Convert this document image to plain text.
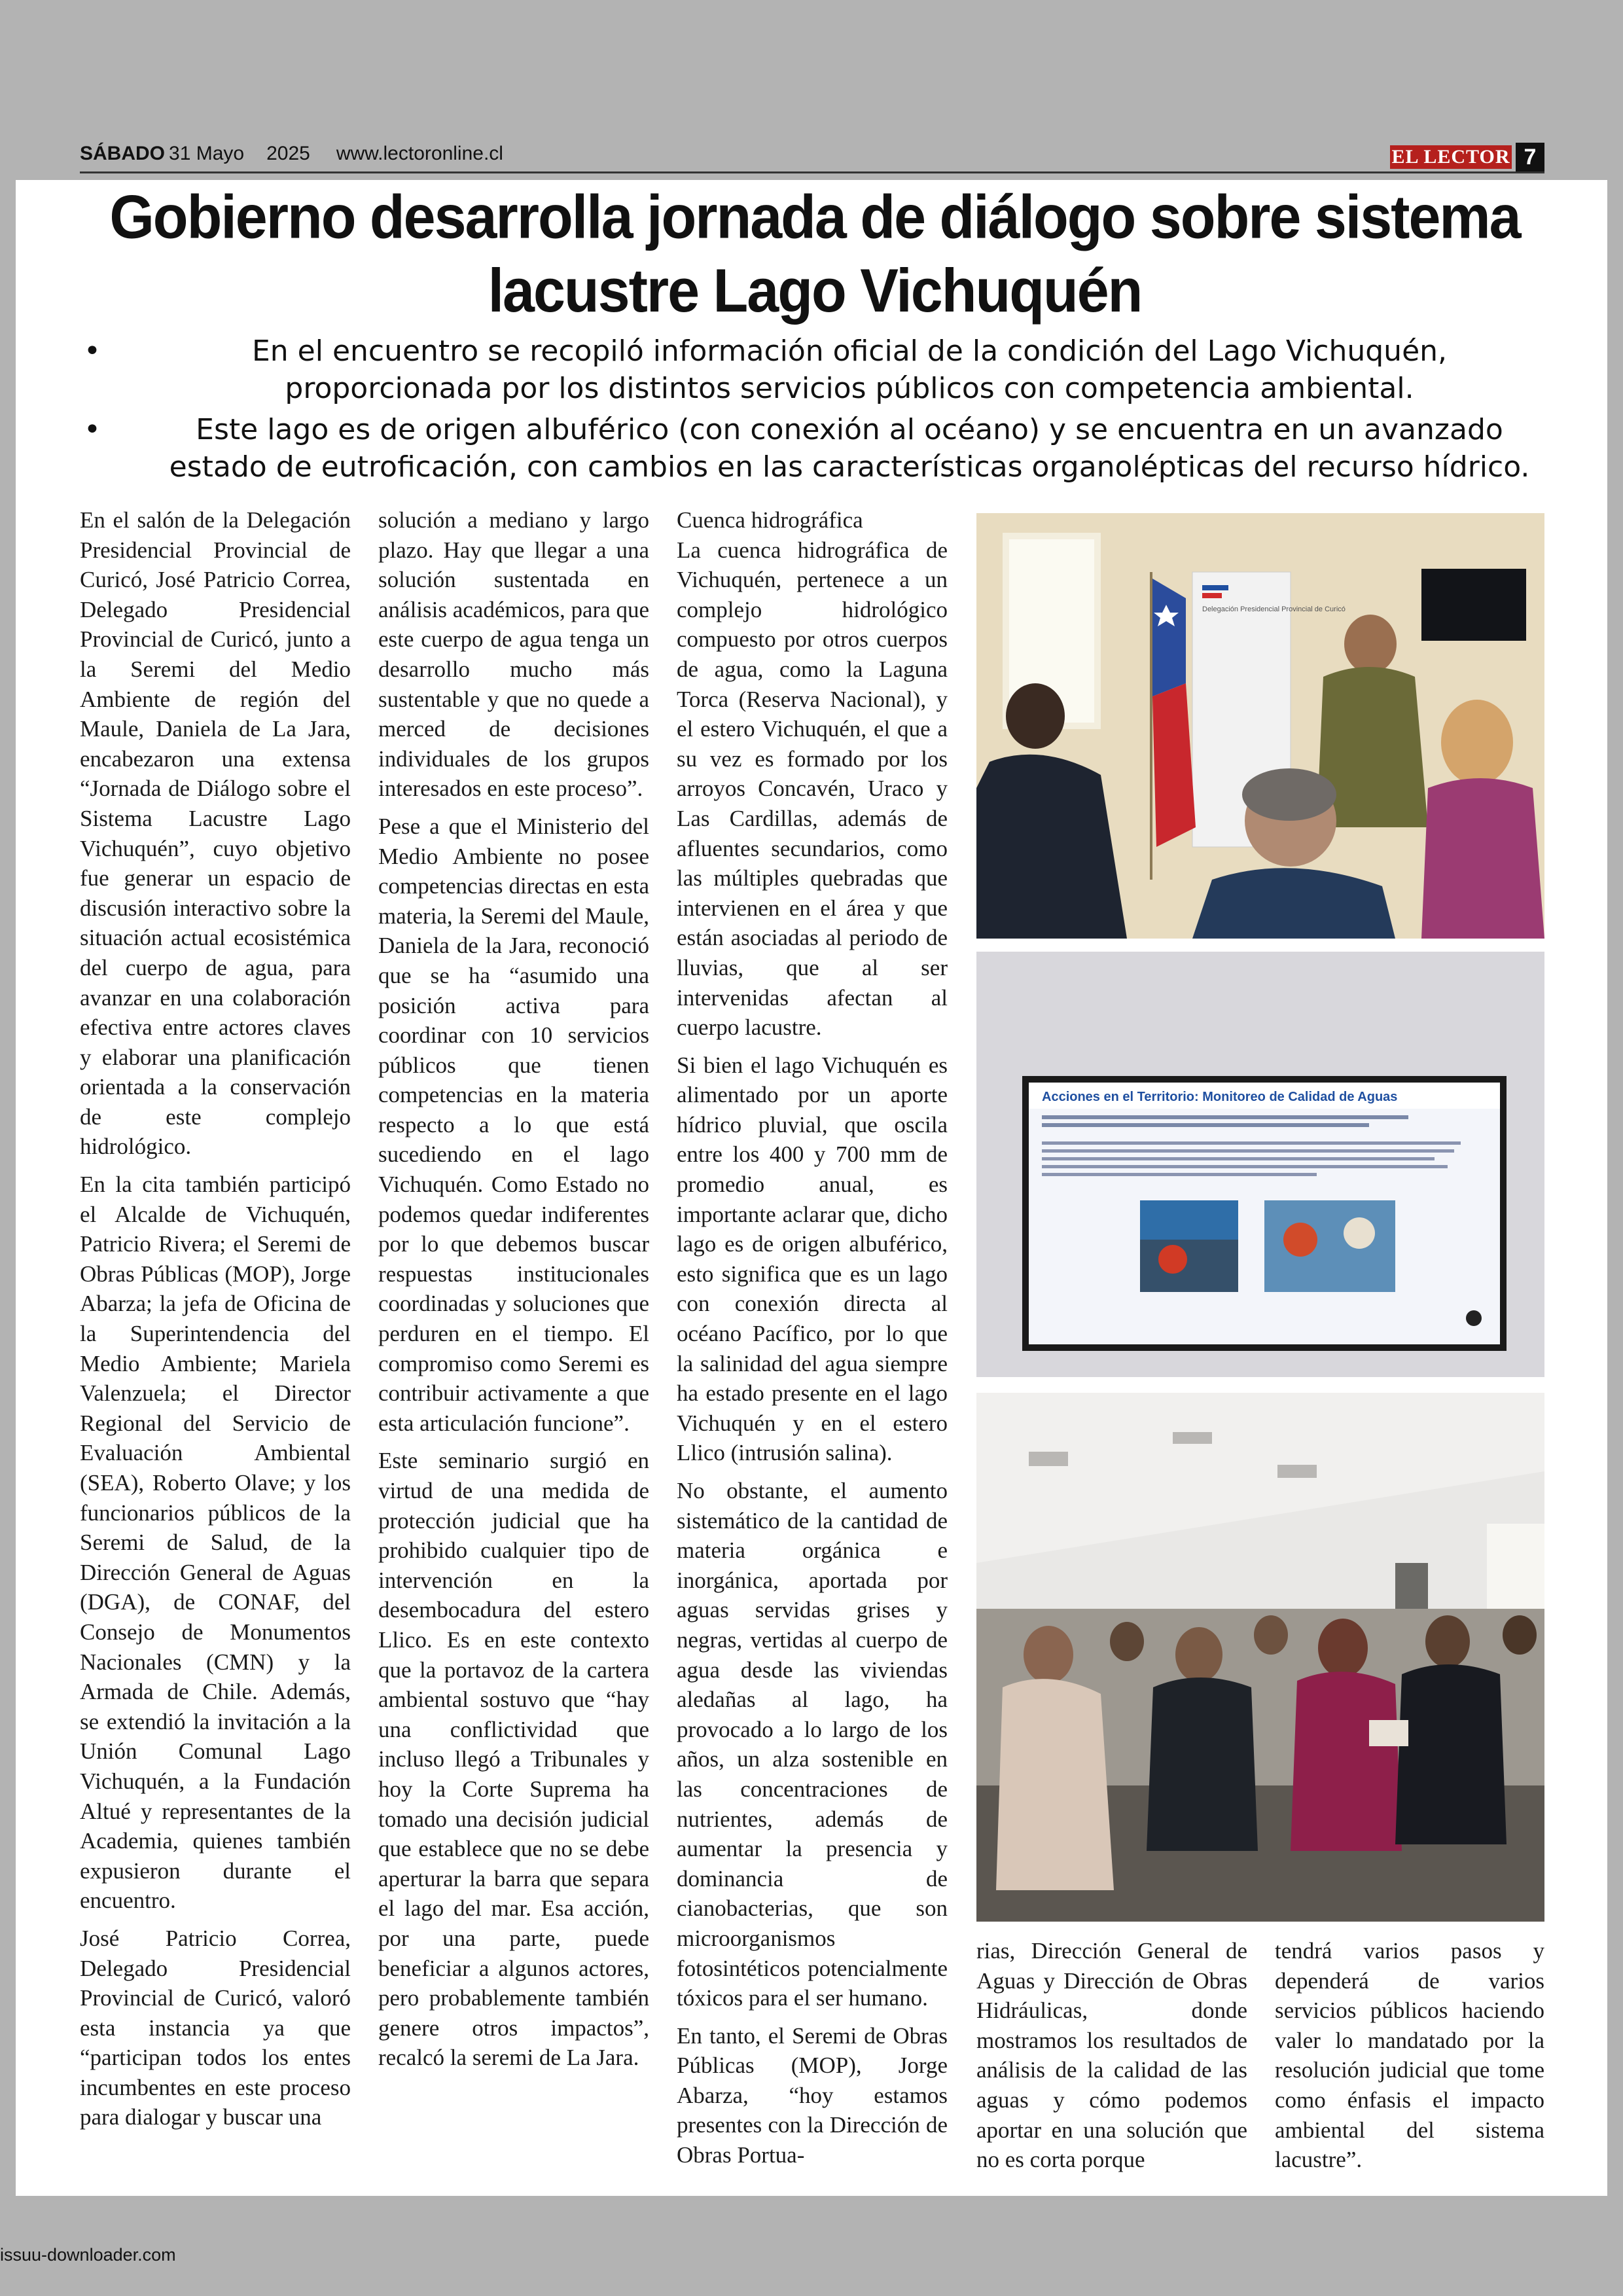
SÁBADO 31 Mayo 2025 www.lectoronline.cl	EL LECTOR 7
Gobierno desarrolla jornada de diálogo sobre sistema lacustre Lago Vichuquén
•	En el encuentro se recopiló información oficial de la condición del Lago Vichuquén, proporcionada por los distintos servicios públicos con competencia ambiental.
•	Este lago es de origen albuférico (con conexión al océano) y se encuentra en un avanzado estado de eutroficación, con cambios en las características organolépticas del recurso hídrico.

En el salón de la Delegación Presidencial Provincial de Curicó, José Patricio Correa, Delegado Presidencial Provincial de Curicó, junto a la Seremi del Medio Ambiente de región del Maule, Daniela de La Jara, encabezaron una extensa “Jornada de Diálogo sobre el Sistema Lacustre Lago Vichuquén”, cuyo objetivo fue generar un espacio de discusión interactivo sobre la situación actual ecosistémica del cuerpo de agua, para avanzar en una colaboración efectiva entre actores claves y elaborar una planificación orientada a la conservación de este complejo hidrológico.

En la cita también participó el Alcalde de Vichuquén, Patricio Rivera; el Seremi de Obras Públicas (MOP), Jorge Abarza; la jefa de Oficina de la Superintendencia del Medio Ambiente; Mariela Valenzuela; el Director Regional del Servicio de Evaluación Ambiental (SEA), Roberto Olave; y los funcionarios públicos de la Seremi de Salud, de la Dirección General de Aguas (DGA), de CONAF, del Consejo de Monumentos Nacionales (CMN) y la Armada de Chile. Además, se extendió la invitación a la Unión Comunal Lago Vichuquén, a la Fundación Altué y representantes de la Academia, quienes también expusieron durante el encuentro.

José Patricio Correa, Delegado Presidencial Provincial de Curicó, valoró esta instancia ya que “participan todos los entes incumbentes en este proceso para dialogar y buscar una

solución a mediano y largo plazo. Hay que llegar a una solución sustentada en análisis académicos, para que este cuerpo de agua tenga un desarrollo mucho más sustentable y que no quede a merced de decisiones individuales de los grupos interesados en este proceso”.

Pese a que el Ministerio del Medio Ambiente no posee competencias directas en esta materia, la Seremi del Maule, Daniela de la Jara, reconoció que se ha “asumido una posición activa para coordinar con 10 servicios públicos que tienen competencias en la materia respecto a lo que está sucediendo en el lago Vichuquén. Como Estado no podemos quedar indiferentes por lo que debemos buscar respuestas institucionales coordinadas y soluciones que perduren en el tiempo. El compromiso como Seremi es contribuir activamente a que esta articulación funcione”.

Este seminario surgió en virtud de una medida de protección judicial que ha prohibido cualquier tipo de intervención en la desembocadura del estero Llico. Es en este contexto que la portavoz de la cartera ambiental sostuvo que “hay una conflictividad que incluso llegó a Tribunales y hoy la Corte Suprema ha tomado una decisión judicial que establece que no se debe aperturar la barra que separa el lago del mar. Esa acción, por una parte, puede beneficiar a algunos actores, pero probablemente también genere otros impactos”, recalcó la seremi de La Jara.

Cuenca hidrográfica

La cuenca hidrográfica de Vichuquén, pertenece a un complejo hidrológico compuesto por otros cuerpos de agua, como la Laguna Torca (Reserva Nacional), y el estero Vichuquén, el que a su vez es formado por los arroyos Concavén, Uraco y Las Cardillas, además de afluentes secundarios, como las múltiples quebradas que intervienen en el área y que están asociadas al periodo de lluvias, que al ser intervenidas afectan al cuerpo lacustre.

Si bien el lago Vichuquén es alimentado por un aporte hídrico pluvial, que oscila entre los 400 y 700 mm de promedio anual, es importante aclarar que, dicho lago es de origen albuférico, esto significa que es un lago con conexión directa al océano Pacífico, por lo que la salinidad del agua siempre ha estado presente en el lago Vichuquén y en el estero Llico (intrusión salina).

No obstante, el aumento sistemático de la cantidad de materia orgánica e inorgánica, aportada por aguas servidas grises y negras, vertidas al cuerpo de agua desde las viviendas aledañas al lago, ha provocado a lo largo de los años, un alza sostenible en las concentraciones de nutrientes, además de aumentar la presencia y dominancia de cianobacterias, que son microorganismos fotosintéticos potencialmente tóxicos para el ser humano.

En tanto, el Seremi de Obras Públicas (MOP), Jorge Abarza, “hoy estamos presentes con la Dirección de Obras Portua-

rias, Dirección General de Aguas y Dirección de Obras Hidráulicas, donde mostramos los resultados de análisis de la calidad de las aguas y cómo podemos aportar en una solución que no es corta porque

tendrá varios pasos y dependerá de varios servicios públicos haciendo valer lo mandatado por la resolución judicial que tome como énfasis el impacto ambiental del sistema lacustre”.

Delegación Presidencial Provincial de Curicó
Acciones en el Territorio: Monitoreo de Calidad de Aguas
issuu-downloader.com
